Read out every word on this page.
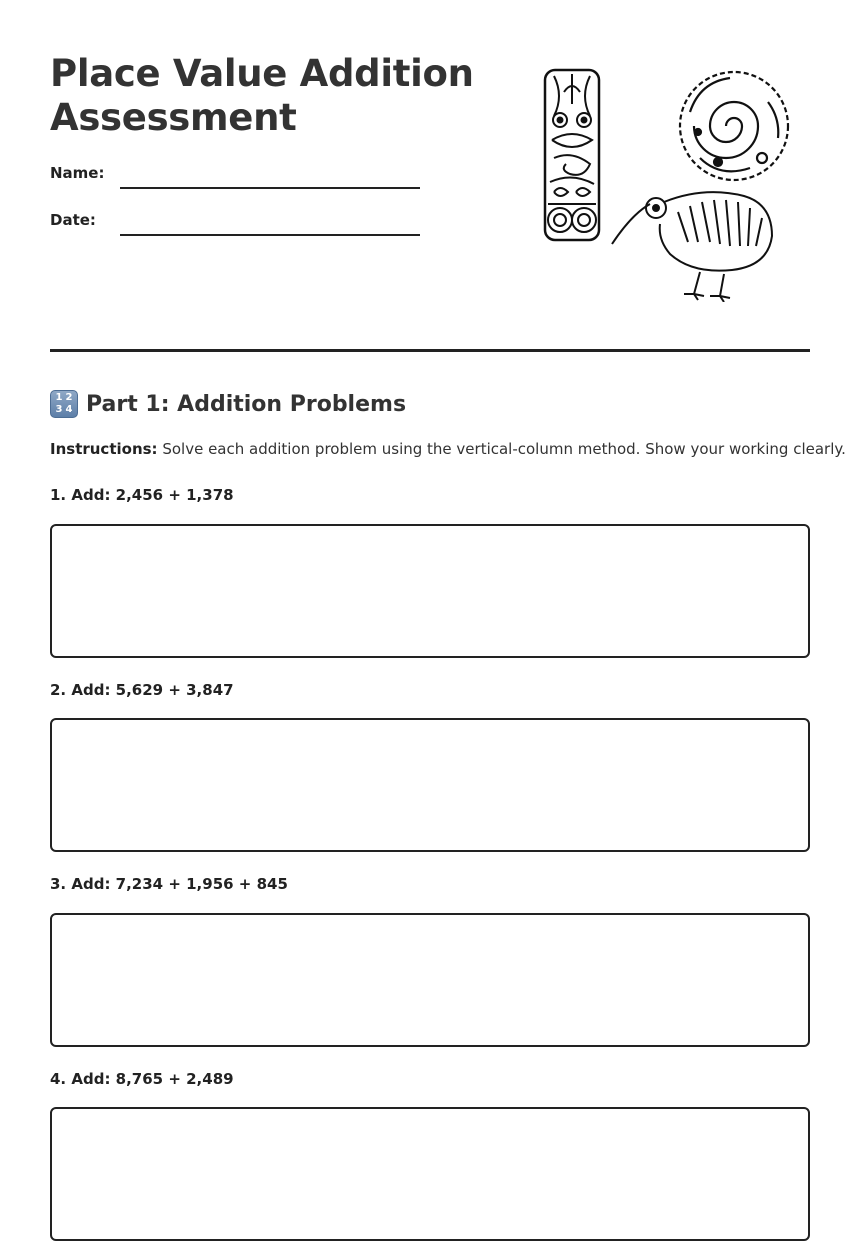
Place Value Addition Assessment
Name:
Date:
1 2
3 4 Part 1: Addition Problems
Instructions: Solve each addition problem using the vertical-column method. Show your working clearly.
1. Add: 2,456 + 1,378
2. Add: 5,629 + 3,847
3. Add: 7,234 + 1,956 + 845
4. Add: 8,765 + 2,489
